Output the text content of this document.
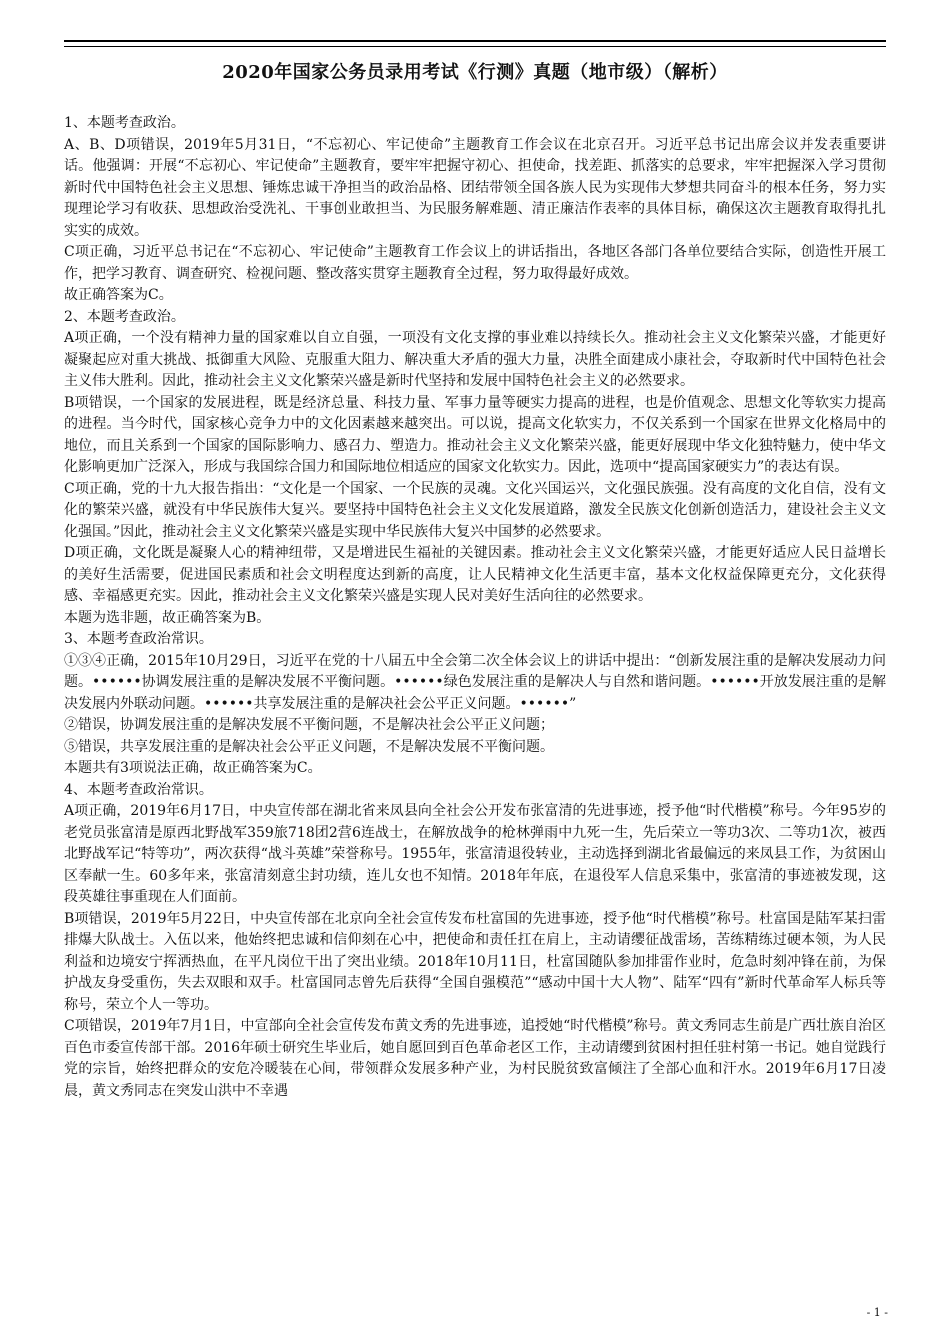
2020年国家公务员录用考试《行测》真题（地市级）（解析）

1、本题考查政治。

A、B、D项错误，2019年5月31日，“不忘初心、牢记使命”主题教育工作会议在北京召开。习近平总书记出席会议并发表重要讲话。他强调：开展“不忘初心、牢记使命”主题教育，要牢牢把握守初心、担使命，找差距、抓落实的总要求，牢牢把握深入学习贯彻新时代中国特色社会主义思想、锤炼忠诚干净担当的政治品格、团结带领全国各族人民为实现伟大梦想共同奋斗的根本任务，努力实现理论学习有收获、思想政治受洗礼、干事创业敢担当、为民服务解难题、清正廉洁作表率的具体目标，确保这次主题教育取得扎扎实实的成效。

C项正确，习近平总书记在“不忘初心、牢记使命”主题教育工作会议上的讲话指出，各地区各部门各单位要结合实际，创造性开展工作，把学习教育、调查研究、检视问题、整改落实贯穿主题教育全过程，努力取得最好成效。

故正确答案为C。

2、本题考查政治。

A项正确，一个没有精神力量的国家难以自立自强，一项没有文化支撑的事业难以持续长久。推动社会主义文化繁荣兴盛，才能更好凝聚起应对重大挑战、抵御重大风险、克服重大阻力、解决重大矛盾的强大力量，决胜全面建成小康社会，夺取新时代中国特色社会主义伟大胜利。因此，推动社会主义文化繁荣兴盛是新时代坚持和发展中国特色社会主义的必然要求。

B项错误，一个国家的发展进程，既是经济总量、科技力量、军事力量等硬实力提高的进程，也是价值观念、思想文化等软实力提高的进程。当今时代，国家核心竞争力中的文化因素越来越突出。可以说，提高文化软实力，不仅关系到一个国家在世界文化格局中的地位，而且关系到一个国家的国际影响力、感召力、塑造力。推动社会主义文化繁荣兴盛，能更好展现中华文化独特魅力，使中华文化影响更加广泛深入，形成与我国综合国力和国际地位相适应的国家文化软实力。因此，选项中“提高国家硬实力”的表达有误。

C项正确，党的十九大报告指出：“文化是一个国家、一个民族的灵魂。文化兴国运兴，文化强民族强。没有高度的文化自信，没有文化的繁荣兴盛，就没有中华民族伟大复兴。要坚持中国特色社会主义文化发展道路，激发全民族文化创新创造活力，建设社会主义文化强国。”因此，推动社会主义文化繁荣兴盛是实现中华民族伟大复兴中国梦的必然要求。

D项正确，文化既是凝聚人心的精神纽带，又是增进民生福祉的关键因素。推动社会主义文化繁荣兴盛，才能更好适应人民日益增长的美好生活需要，促进国民素质和社会文明程度达到新的高度，让人民精神文化生活更丰富，基本文化权益保障更充分，文化获得感、幸福感更充实。因此，推动社会主义文化繁荣兴盛是实现人民对美好生活向往的必然要求。

本题为选非题，故正确答案为B。

3、本题考查政治常识。

①③④正确，2015年10月29日，习近平在党的十八届五中全会第二次全体会议上的讲话中提出：“创新发展注重的是解决发展动力问题。••••••协调发展注重的是解决发展不平衡问题。••••••绿色发展注重的是解决人与自然和谐问题。••••••开放发展注重的是解决发展内外联动问题。••••••共享发展注重的是解决社会公平正义问题。••••••”

②错误，协调发展注重的是解决发展不平衡问题，不是解决社会公平正义问题；

⑤错误，共享发展注重的是解决社会公平正义问题，不是解决发展不平衡问题。

本题共有3项说法正确，故正确答案为C。

4、本题考查政治常识。

A项正确，2019年6月17日，中央宣传部在湖北省来凤县向全社会公开发布张富清的先进事迹，授予他“时代楷模”称号。今年95岁的老党员张富清是原西北野战军359旅718团2营6连战士，在解放战争的枪林弹雨中九死一生，先后荣立一等功3次、二等功1次，被西北野战军记“特等功”，两次获得“战斗英雄”荣誉称号。1955年，张富清退役转业，主动选择到湖北省最偏远的来凤县工作，为贫困山区奉献一生。60多年来，张富清刻意尘封功绩，连儿女也不知情。2018年年底，在退役军人信息采集中，张富清的事迹被发现，这段英雄往事重现在人们面前。

B项错误，2019年5月22日，中央宣传部在北京向全社会宣传发布杜富国的先进事迹，授予他“时代楷模”称号。杜富国是陆军某扫雷排爆大队战士。入伍以来，他始终把忠诚和信仰刻在心中，把使命和责任扛在肩上，主动请缨征战雷场，苦练精练过硬本领，为人民利益和边境安宁挥洒热血，在平凡岗位干出了突出业绩。2018年10月11日，杜富国随队参加排雷作业时，危急时刻冲锋在前，为保护战友身受重伤，失去双眼和双手。杜富国同志曾先后获得“全国自强模范”“感动中国十大人物”、陆军“四有”新时代革命军人标兵等称号，荣立个人一等功。

C项错误，2019年7月1日，中宣部向全社会宣传发布黄文秀的先进事迹，追授她“时代楷模”称号。黄文秀同志生前是广西壮族自治区百色市委宣传部干部。2016年硕士研究生毕业后，她自愿回到百色革命老区工作，主动请缨到贫困村担任驻村第一书记。她自觉践行党的宗旨，始终把群众的安危冷暖装在心间，带领群众发展多种产业，为村民脱贫致富倾注了全部心血和汗水。2019年6月17日凌晨，黄文秀同志在突发山洪中不幸遇

- 1 -
